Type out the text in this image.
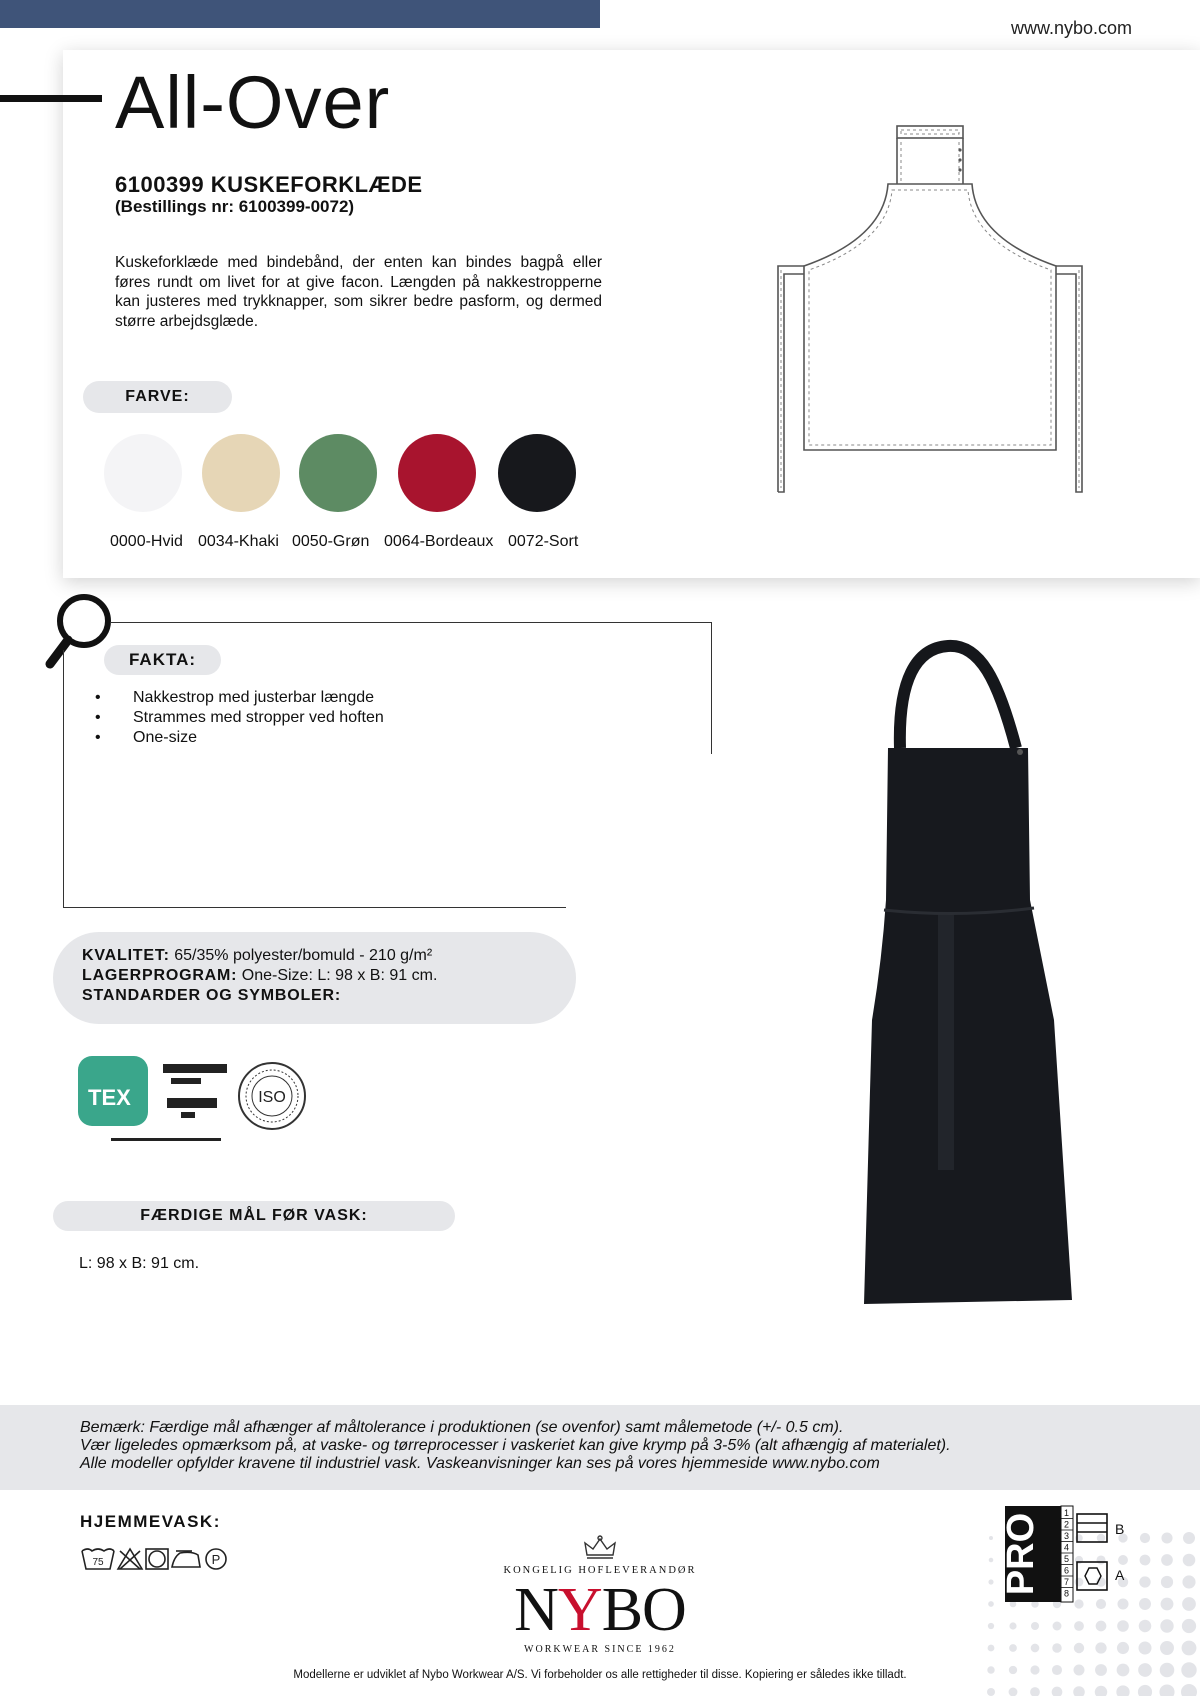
www.nybo.com
All-Over
6100399 KUSKEFORKLÆDE
(Bestillings nr: 6100399-0072)
Kuskeforklæde med bindebånd, der enten kan bindes bagpå eller føres rundt om livet for at give facon. Længden på nakkestropperne kan justeres med trykknapper, som sikrer bedre pasform, og dermed større arbejdsglæde.
FARVE:
0000-Hvid 0034-Khaki 0050-Grøn 0064-Bordeaux 0072-Sort
FAKTA:
• Nakkestrop med justerbar længde
• Strammes med stropper ved hoften
• One-size
KVALITET: 65/35% polyester/bomuld - 210 g/m²
LAGERPROGRAM: One-Size: L: 98 x B: 91 cm.
STANDARDER OG SYMBOLER:
TEX	ISO
FÆRDIGE MÅL FØR VASK:
L: 98 x B: 91 cm.
Bemærk: Færdige mål afhænger af måltolerance i produktionen (se ovenfor) samt målemetode (+/- 0.5 cm).
Vær ligeledes opmærksom på, at vaske- og tørreprocesser i vaskeriet kan give krymp på 3-5% (alt afhængig af materialet).
Alle modeller opfylder kravene til industriel vask. Vaskeanvisninger kan ses på vores hjemmeside www.nybo.com
HJEMMEVASK:
75	P
KONGELIG HOFLEVERANDØR
NYBO
WORKWEAR SINCE 1962
Modellerne er udviklet af Nybo Workwear A/S. Vi forbeholder os alle rettigheder til disse. Kopiering er således ikke tilladt.
PRO 1
2
3
4
5
6
7
8
B
A
